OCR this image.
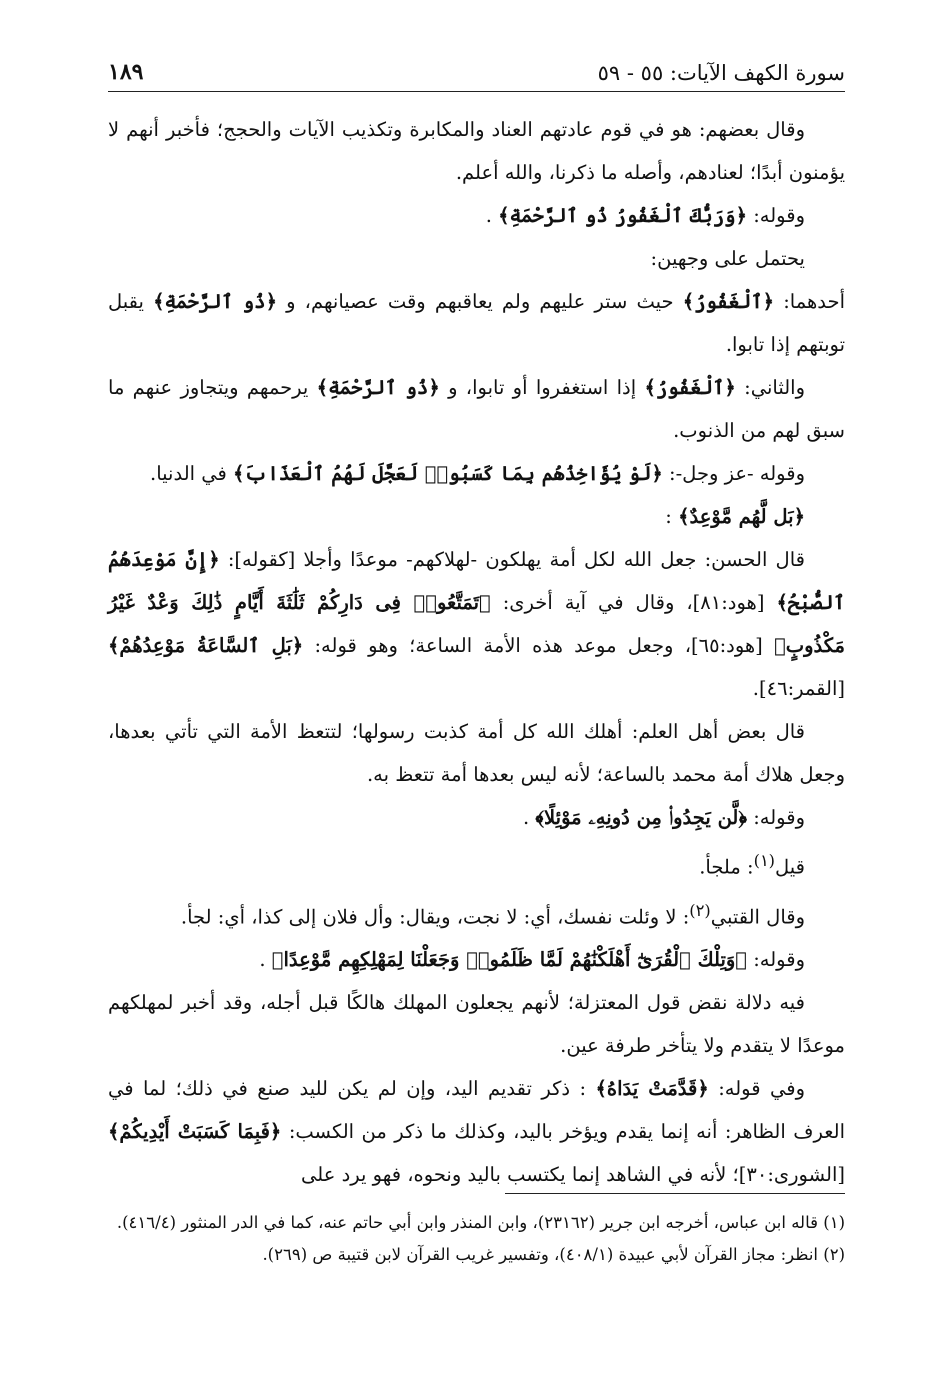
سورة الكهف الآيات: ٥٥ - ٥٩
١٨٩

وقال بعضهم: هو في قوم عادتهم العناد والمكابرة وتكذيب الآيات والحجج؛ فأخبر أنهم لا يؤمنون أبدًا؛ لعنادهم، وأصله ما ذكرنا، والله أعلم.

وقوله: ﴿وَرَبُّكَ ٱلْغَفُورُ ذُو ٱلرَّحْمَةِ﴾ .

يحتمل على وجهين:

أحدهما: ﴿ٱلْغَفُورُ﴾ حيث ستر عليهم ولم يعاقبهم وقت عصيانهم، و ﴿ذُو ٱلرَّحْمَةِ﴾ يقبل توبتهم إذا تابوا.

والثاني: ﴿ٱلْغَفُورُ﴾ إذا استغفروا أو تابوا، و ﴿ذُو ٱلرَّحْمَةِ﴾ يرحمهم ويتجاوز عنهم ما سبق لهم من الذنوب.

وقوله -عز وجل-: ﴿لَوْ يُؤَاخِذُهُم بِمَا كَسَبُوا۟ لَعَجَّلَ لَهُمُ ٱلْعَذَابَ﴾ في الدنيا.

﴿بَل لَّهُم مَّوْعِدٌ﴾ :

قال الحسن: جعل الله لكل أمة يهلكون -لهلاكهم- موعدًا وأجلا [كقوله]: ﴿إِنَّ مَوْعِدَهُمُ ٱلصُّبْحُ﴾ [هود:٨١]، وقال في آية أخرى: ﴿تَمَتَّعُوا۟ فِى دَارِكُمْ ثَلَٰثَةَ أَيَّامٍ ذَٰلِكَ وَعْدٌ غَيْرُ مَكْذُوبٍ﴾ [هود:٦٥]، وجعل موعد هذه الأمة الساعة؛ وهو قوله: ﴿بَلِ ٱلسَّاعَةُ مَوْعِدُهُمْ﴾ [القمر:٤٦].

قال بعض أهل العلم: أهلك الله كل أمة كذبت رسولها؛ لتتعظ الأمة التي تأتي بعدها، وجعل هلاك أمة محمد بالساعة؛ لأنه ليس بعدها أمة تتعظ به.

وقوله: ﴿لَّن يَجِدُوا۟ مِن دُونِهِۦ مَوْئِلًا﴾ .

قيل$^{(١)}$: ملجأ.

وقال القتبي$^{(٢)}$: لا وئلت نفسك، أي: لا نجت، ويقال: وأل فلان إلى كذا، أي: لجأ.

وقوله: ﴿وَتِلْكَ ٱلْقُرَىٰٓ أَهْلَكْنَٰهُمْ لَمَّا ظَلَمُوا۟ وَجَعَلْنَا لِمَهْلِكِهِم مَّوْعِدًا﴾ .

فيه دلالة نقض قول المعتزلة؛ لأنهم يجعلون المهلك هالكًا قبل أجله، وقد أخبر لمهلكهم موعدًا لا يتقدم ولا يتأخر طرفة عين.

وفي قوله: ﴿قَدَّمَتْ يَدَاهُ﴾ : ذكر تقديم اليد، وإن لم يكن لليد صنع في ذلك؛ لما في العرف الظاهر: أنه إنما يقدم ويؤخر باليد، وكذلك ما ذكر من الكسب: ﴿فَبِمَا كَسَبَتْ أَيْدِيكُمْ﴾ [الشورى:٣٠]؛ لأنه في الشاهد إنما يكتسب باليد ونحوه، فهو يرد على

(١) قاله ابن عباس، أخرجه ابن جرير (٢٣١٦٢)، وابن المنذر وابن أبي حاتم عنه، كما في الدر المنثور (٤١٦/٤).

(٢) انظر: مجاز القرآن لأبي عبيدة (٤٠٨/١)، وتفسير غريب القرآن لابن قتيبة ص (٢٦٩).
